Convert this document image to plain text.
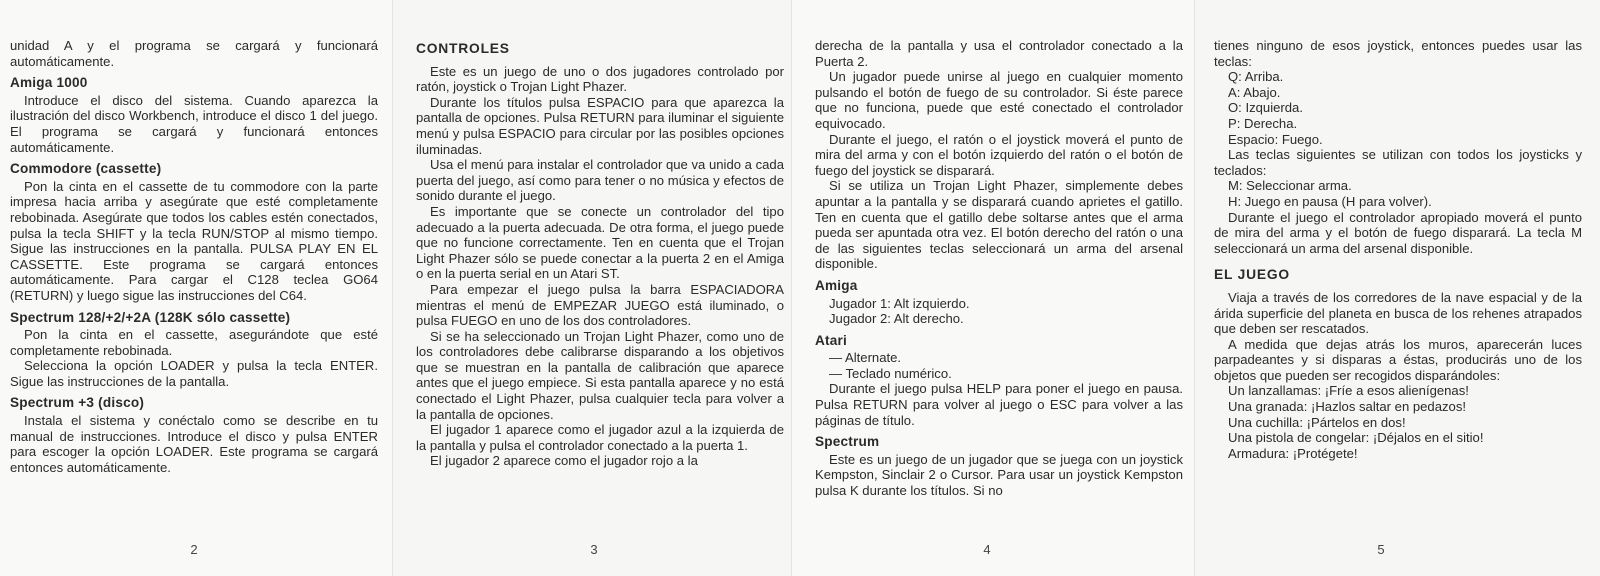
unidad A y el programa se cargará y funcionará automáticamente.

Amiga 1000

Introduce el disco del sistema. Cuando aparezca la ilustración del disco Workbench, introduce el disco 1 del juego. El programa se cargará y funcionará entonces automáticamente.

Commodore (cassette)

Pon la cinta en el cassette de tu commodore con la parte impresa hacia arriba y asegúrate que esté completamente rebobinada. Asegúrate que todos los cables estén conectados, pulsa la tecla SHIFT y la tecla RUN/STOP al mismo tiempo. Sigue las instrucciones en la pantalla. PULSA PLAY EN EL CASSETTE. Este programa se cargará entonces automáticamente. Para cargar el C128 teclea GO64 (RETURN) y luego sigue las instrucciones del C64.

Spectrum 128/+2/+2A (128K sólo cassette)

Pon la cinta en el cassette, asegurándote que esté completamente rebobinada.

Selecciona la opción LOADER y pulsa la tecla ENTER. Sigue las instrucciones de la pantalla.

Spectrum +3 (disco)

Instala el sistema y conéctalo como se describe en tu manual de instrucciones. Introduce el disco y pulsa ENTER para escoger la opción LOADER. Este programa se cargará entonces automáticamente.

2
CONTROLES

Este es un juego de uno o dos jugadores controlado por ratón, joystick o Trojan Light Phazer.

Durante los títulos pulsa ESPACIO para que aparezca la pantalla de opciones. Pulsa RETURN para iluminar el siguiente menú y pulsa ESPACIO para circular por las posibles opciones iluminadas.

Usa el menú para instalar el controlador que va unido a cada puerta del juego, así como para tener o no música y efectos de sonido durante el juego.

Es importante que se conecte un controlador del tipo adecuado a la puerta adecuada. De otra forma, el juego puede que no funcione correctamente. Ten en cuenta que el Trojan Light Phazer sólo se puede conectar a la puerta 2 en el Amiga o en la puerta serial en un Atari ST.

Para empezar el juego pulsa la barra ESPACIADORA mientras el menú de EMPEZAR JUEGO está iluminado, o pulsa FUEGO en uno de los dos controladores.

Si se ha seleccionado un Trojan Light Phazer, como uno de los controladores debe calibrarse disparando a los objetivos que se muestran en la pantalla de calibración que aparece antes que el juego empiece. Si esta pantalla aparece y no está conectado el Light Phazer, pulsa cualquier tecla para volver a la pantalla de opciones.

El jugador 1 aparece como el jugador azul a la izquierda de la pantalla y pulsa el controlador conectado a la puerta 1.

El jugador 2 aparece como el jugador rojo a la

3

derecha de la pantalla y usa el controlador conectado a la Puerta 2.

Un jugador puede unirse al juego en cualquier momento pulsando el botón de fuego de su controlador. Si éste parece que no funciona, puede que esté conectado el controlador equivocado.

Durante el juego, el ratón o el joystick moverá el punto de mira del arma y con el botón izquierdo del ratón o el botón de fuego del joystick se disparará.

Si se utiliza un Trojan Light Phazer, simplemente debes apuntar a la pantalla y se disparará cuando aprietes el gatillo. Ten en cuenta que el gatillo debe soltarse antes que el arma pueda ser apuntada otra vez. El botón derecho del ratón o una de las siguientes teclas seleccionará un arma del arsenal disponible.

Amiga
Jugador 1: Alt izquierdo.
Jugador 2: Alt derecho.
Atari
— Alternate.
— Teclado numérico.

Durante el juego pulsa HELP para poner el juego en pausa. Pulsa RETURN para volver al juego o ESC para volver a las páginas de título.

Spectrum

Este es un juego de un jugador que se juega con un joystick Kempston, Sinclair 2 o Cursor. Para usar un joystick Kempston pulsa K durante los títulos. Si no

4

tienes ninguno de esos joystick, entonces puedes usar las teclas:

Q: Arriba.
A: Abajo.
O: Izquierda.
P: Derecha.
Espacio: Fuego.

Las teclas siguientes se utilizan con todos los joysticks y teclados:

M: Seleccionar arma.
H: Juego en pausa (H para volver).

Durante el juego el controlador apropiado moverá el punto de mira del arma y el botón de fuego disparará. La tecla M seleccionará un arma del arsenal disponible.

EL JUEGO

Viaja a través de los corredores de la nave espacial y de la árida superficie del planeta en busca de los rehenes atrapados que deben ser rescatados.

A medida que dejas atrás los muros, aparecerán luces parpadeantes y si disparas a éstas, producirás uno de los objetos que pueden ser recogidos disparándoles:

Un lanzallamas: ¡Fríe a esos alienígenas!
Una granada: ¡Hazlos saltar en pedazos!
Una cuchilla: ¡Pártelos en dos!
Una pistola de congelar: ¡Déjalos en el sitio!
Armadura: ¡Protégete!
5
